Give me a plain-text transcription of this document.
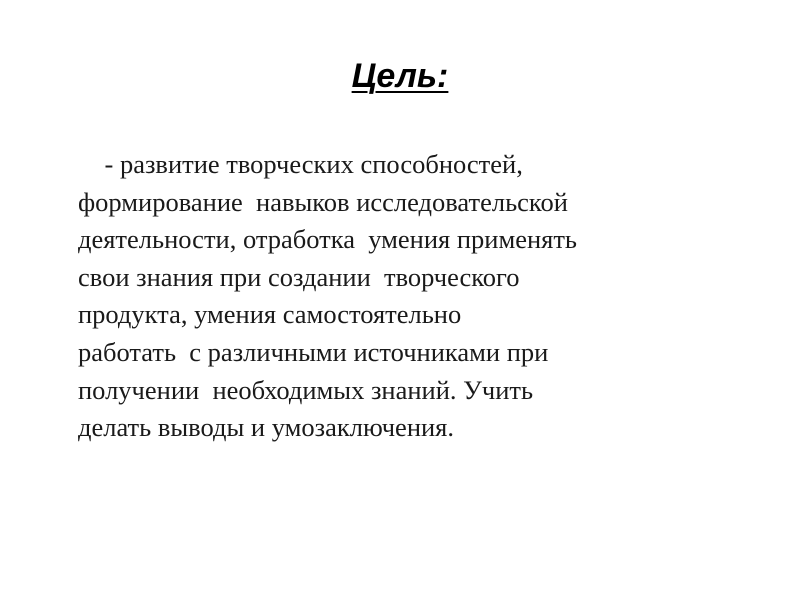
Цель:
- развитие творческих способностей,
формирование  навыков исследовательской
деятельности, отработка  умения применять
свои знания при создании  творческого
продукта, умения самостоятельно
работать  с различными источниками при
получении  необходимых знаний. Учить
делать выводы и умозаключения.
